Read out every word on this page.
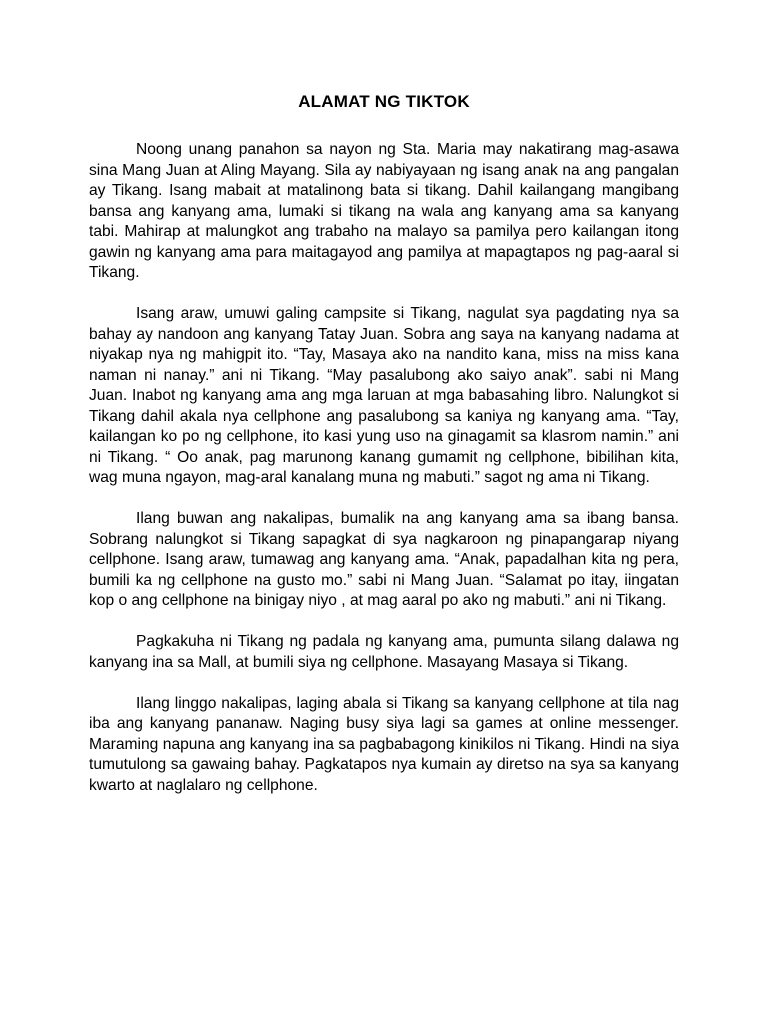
ALAMAT NG TIKTOK

Noong unang panahon sa nayon ng Sta. Maria may nakatirang mag-asawa sina Mang Juan at Aling Mayang. Sila ay nabiyayaan ng isang anak na ang pangalan ay Tikang. Isang mabait at matalinong bata si tikang. Dahil kailangang mangibang bansa ang kanyang ama, lumaki si tikang na wala ang kanyang ama sa kanyang tabi. Mahirap at malungkot ang trabaho na malayo sa pamilya pero kailangan itong gawin ng kanyang ama para maitagayod ang pamilya at mapagtapos ng pag-aaral si Tikang.

Isang araw, umuwi galing campsite si Tikang, nagulat sya pagdating nya sa bahay ay nandoon ang kanyang Tatay Juan. Sobra ang saya na kanyang nadama at niyakap nya ng mahigpit ito. “Tay, Masaya ako na nandito kana, miss na miss kana naman ni nanay.” ani ni Tikang. “May pasalubong ako saiyo anak”. sabi ni Mang Juan. Inabot ng kanyang ama ang mga laruan at mga babasahing libro. Nalungkot si Tikang dahil akala nya cellphone ang pasalubong sa kaniya ng kanyang ama. “Tay, kailangan ko po ng cellphone, ito kasi yung uso na ginagamit sa klasrom namin.” ani ni Tikang. “ Oo anak, pag marunong kanang gumamit ng cellphone, bibilihan kita, wag muna ngayon, mag-aral kanalang muna ng mabuti.” sagot ng ama ni Tikang.

Ilang buwan ang nakalipas, bumalik na ang kanyang ama sa ibang bansa. Sobrang nalungkot si Tikang sapagkat di sya nagkaroon ng pinapangarap niyang cellphone. Isang araw, tumawag ang kanyang ama. “Anak, papadalhan kita ng pera, bumili ka ng cellphone na gusto mo.” sabi ni Mang Juan. “Salamat po itay, iingatan kop o ang cellphone na binigay niyo , at mag aaral po ako ng mabuti.” ani ni Tikang.

Pagkakuha ni Tikang ng padala ng kanyang ama, pumunta silang dalawa ng kanyang ina sa Mall, at bumili siya ng cellphone. Masayang Masaya si Tikang.

Ilang linggo nakalipas, laging abala si Tikang sa kanyang cellphone at tila nag iba ang kanyang pananaw. Naging busy siya lagi sa games at online messenger. Maraming napuna ang kanyang ina sa pagbabagong kinikilos ni Tikang. Hindi na siya tumutulong sa gawaing bahay. Pagkatapos nya kumain ay diretso na sya sa kanyang kwarto at naglalaro ng cellphone.
